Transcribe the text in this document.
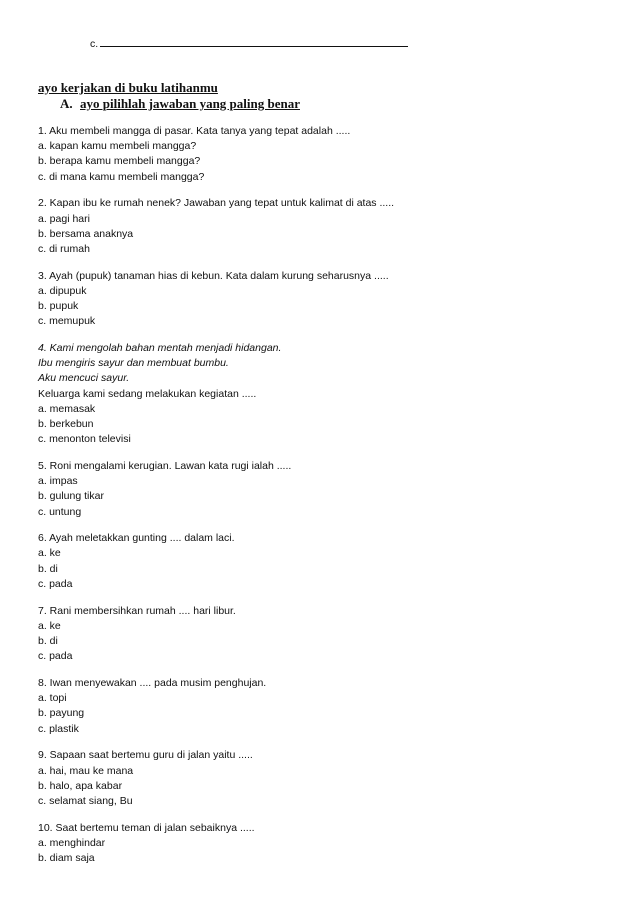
c.
ayo kerjakan di buku latihanmu
A. ayo pilihlah jawaban yang paling benar
1. Aku membeli mangga di pasar. Kata tanya yang tepat adalah .....
a. kapan kamu membeli mangga?
b. berapa kamu membeli mangga?
c. di mana kamu membeli mangga?
2. Kapan ibu ke rumah nenek? Jawaban yang tepat untuk kalimat di atas .....
a. pagi hari
b. bersama anaknya
c. di rumah
3. Ayah (pupuk) tanaman hias di kebun. Kata dalam kurung seharusnya .....
a. dipupuk
b. pupuk
c. memupuk
4. Kami mengolah bahan mentah menjadi hidangan.
Ibu mengiris sayur dan membuat bumbu.
Aku mencuci sayur.
Keluarga kami sedang melakukan kegiatan .....
a. memasak
b. berkebun
c. menonton televisi
5. Roni mengalami kerugian. Lawan kata rugi ialah .....
a. impas
b. gulung tikar
c. untung
6. Ayah meletakkan gunting .... dalam laci.
a. ke
b. di
c. pada
7. Rani membersihkan rumah .... hari libur.
a. ke
b. di
c. pada
8. Iwan menyewakan .... pada musim penghujan.
a. topi
b. payung
c. plastik
9. Sapaan saat bertemu guru di jalan yaitu .....
a. hai, mau ke mana
b. halo, apa kabar
c. selamat siang, Bu
10. Saat bertemu teman di jalan sebaiknya .....
a. menghindar
b. diam saja
